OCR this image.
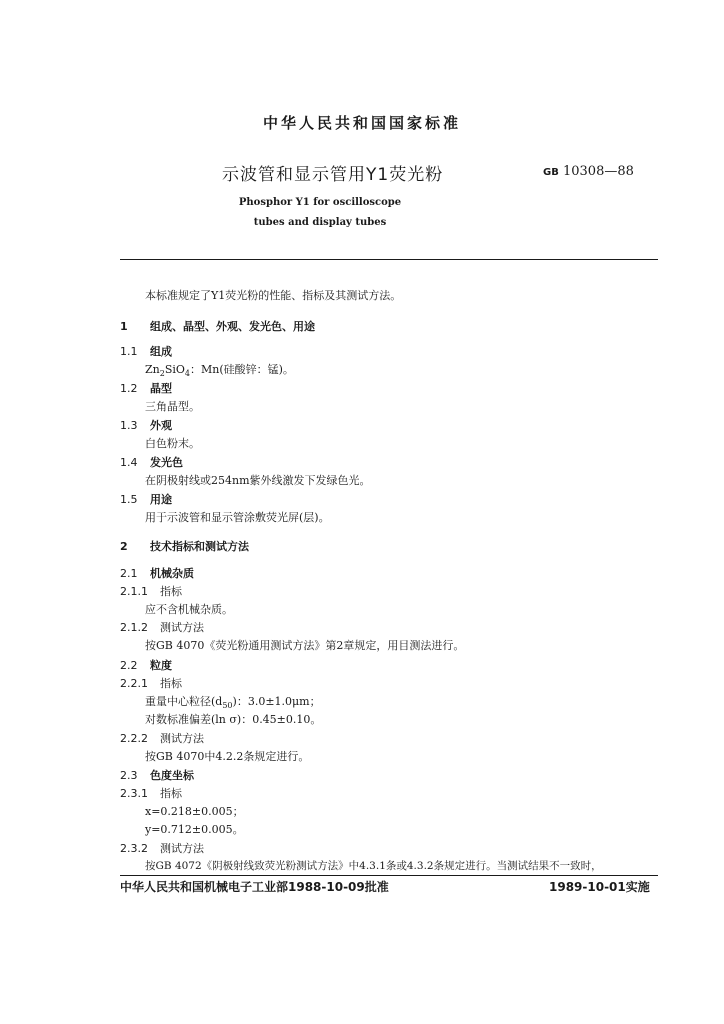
中华人民共和国国家标准
示波管和显示管用Y1荧光粉	GB 10308—88
Phosphor Y1 for oscilloscope
tubes and display tubes
本标准规定了Y1荧光粉的性能、指标及其测试方法。
1 组成、晶型、外观、发光色、用途
1.1 组成
$Zn_2SiO_4$：Mn(硅酸锌：锰)。
1.2 晶型
三角晶型。
1.3 外观
白色粉末。
1.4 发光色
在阴极射线或254nm紫外线激发下发绿色光。
1.5 用途
用于示波管和显示管涂敷荧光屏(层)。
2 技术指标和测试方法
2.1 机械杂质
2.1.1 指标
应不含机械杂质。
2.1.2 测试方法
按GB 4070《荧光粉通用测试方法》第2章规定，用目测法进行。
2.2 粒度
2.2.1 指标
重量中心粒径$(d_{50})$：3.0±1.0μm；
对数标准偏差(ln σ)：0.45±0.10。
2.2.2 测试方法
按GB 4070中4.2.2条规定进行。
2.3 色度坐标
2.3.1 指标
x=0.218±0.005；
y=0.712±0.005。
2.3.2 测试方法
按GB 4072《阴极射线致荧光粉测试方法》中4.3.1条或4.3.2条规定进行。当测试结果不一致时，
中华人民共和国机械电子工业部1988-10-09批准	1989-10-01实施
